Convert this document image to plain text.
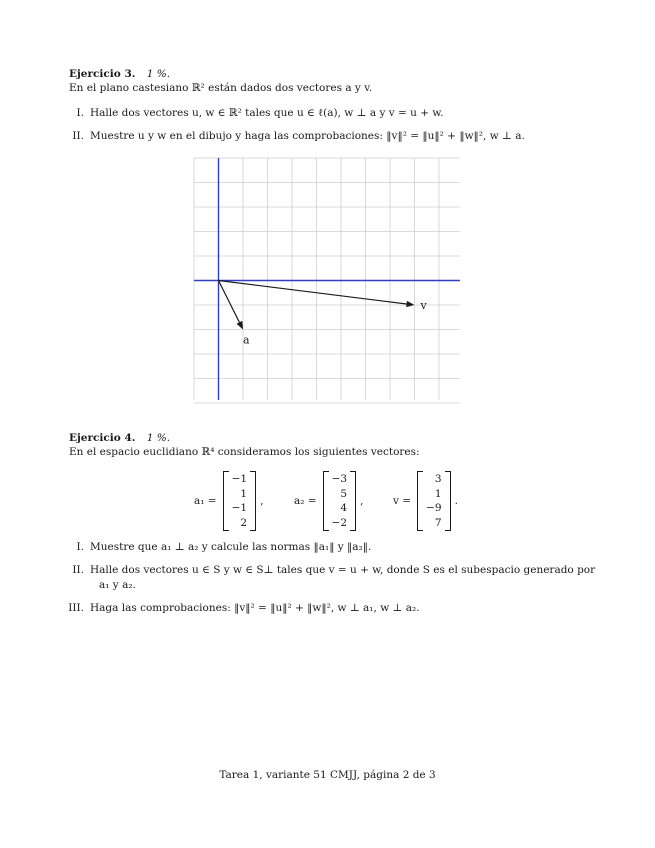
Ejercicio 3. 1 %.
En el plano castesiano ℝ² están dados dos vectores a y v.
I. Halle dos vectores u, w ∈ ℝ² tales que u ∈ ℓ(a), w ⊥ a y v = u + w.
II. Muestre u y w en el dibujo y haga las comprobaciones: ‖v‖² = ‖u‖² + ‖w‖², w ⊥ a.
v
a
Ejercicio 4. 1 %.
En el espacio euclidiano ℝ⁴ consideramos los siguientes vectores:
a₁ =
−1
1
−1
2
,	a₂ =
−3
5
4
−2
,	v =
3
1
−9
7
.
I. Muestre que a₁ ⊥ a₂ y calcule las normas ‖a₁‖ y ‖a₂‖.
II. Halle dos vectores u ∈ S y w ∈ S⊥ tales que v = u + w, donde S es el subespacio generado por
a₁ y a₂.
III. Haga las comprobaciones: ‖v‖² = ‖u‖² + ‖w‖², w ⊥ a₁, w ⊥ a₂.
Tarea 1, variante 51 CMJJ, página 2 de 3
